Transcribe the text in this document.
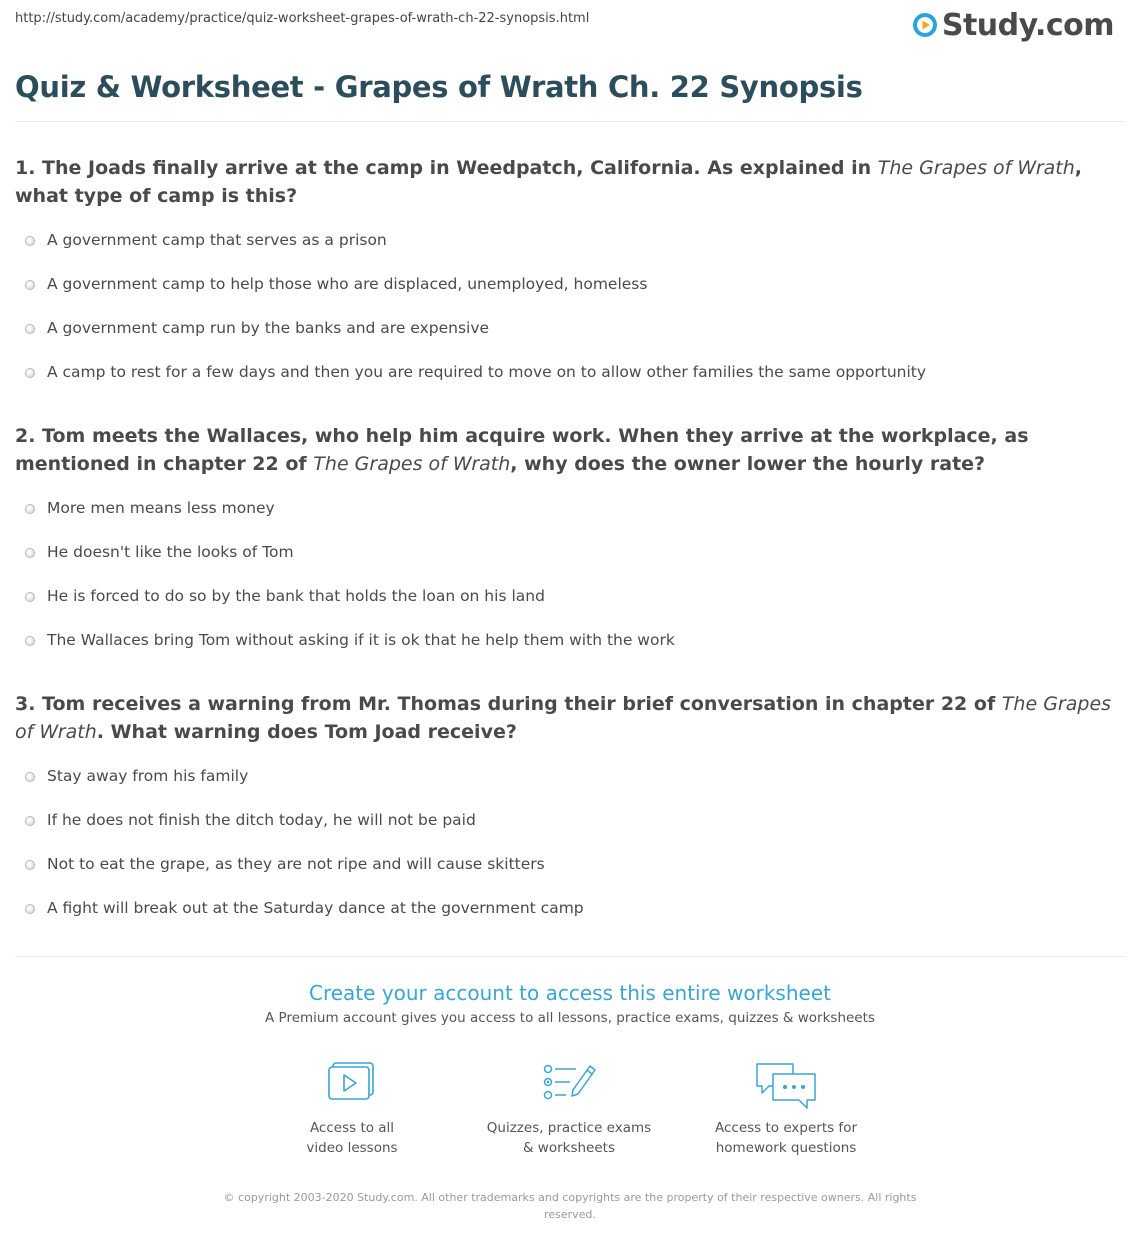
http://study.com/academy/practice/quiz-worksheet-grapes-of-wrath-ch-22-synopsis.html	Study.com
Quiz & Worksheet - Grapes of Wrath Ch. 22 Synopsis

1. The Joads finally arrive at the camp in Weedpatch, California. As explained in The Grapes of Wrath, what type of camp is this?

A government camp that serves as a prison
A government camp to help those who are displaced, unemployed, homeless
A government camp run by the banks and are expensive
A camp to rest for a few days and then you are required to move on to allow other families the same opportunity

2. Tom meets the Wallaces, who help him acquire work. When they arrive at the workplace, as mentioned in chapter 22 of The Grapes of Wrath, why does the owner lower the hourly rate?

More men means less money
He doesn't like the looks of Tom
He is forced to do so by the bank that holds the loan on his land
The Wallaces bring Tom without asking if it is ok that he help them with the work

3. Tom receives a warning from Mr. Thomas during their brief conversation in chapter 22 of The Grapes of Wrath. What warning does Tom Joad receive?

Stay away from his family
If he does not finish the ditch today, he will not be paid
Not to eat the grape, as they are not ripe and will cause skitters
A fight will break out at the Saturday dance at the government camp
Create your account to access this entire worksheet
A Premium account gives you access to all lessons, practice exams, quizzes & worksheets
Access to all
video lessons
Quizzes, practice exams
& worksheets
Access to experts for
homework questions
© copyright 2003-2020 Study.com. All other trademarks and copyrights are the property of their respective owners. All rights reserved.
